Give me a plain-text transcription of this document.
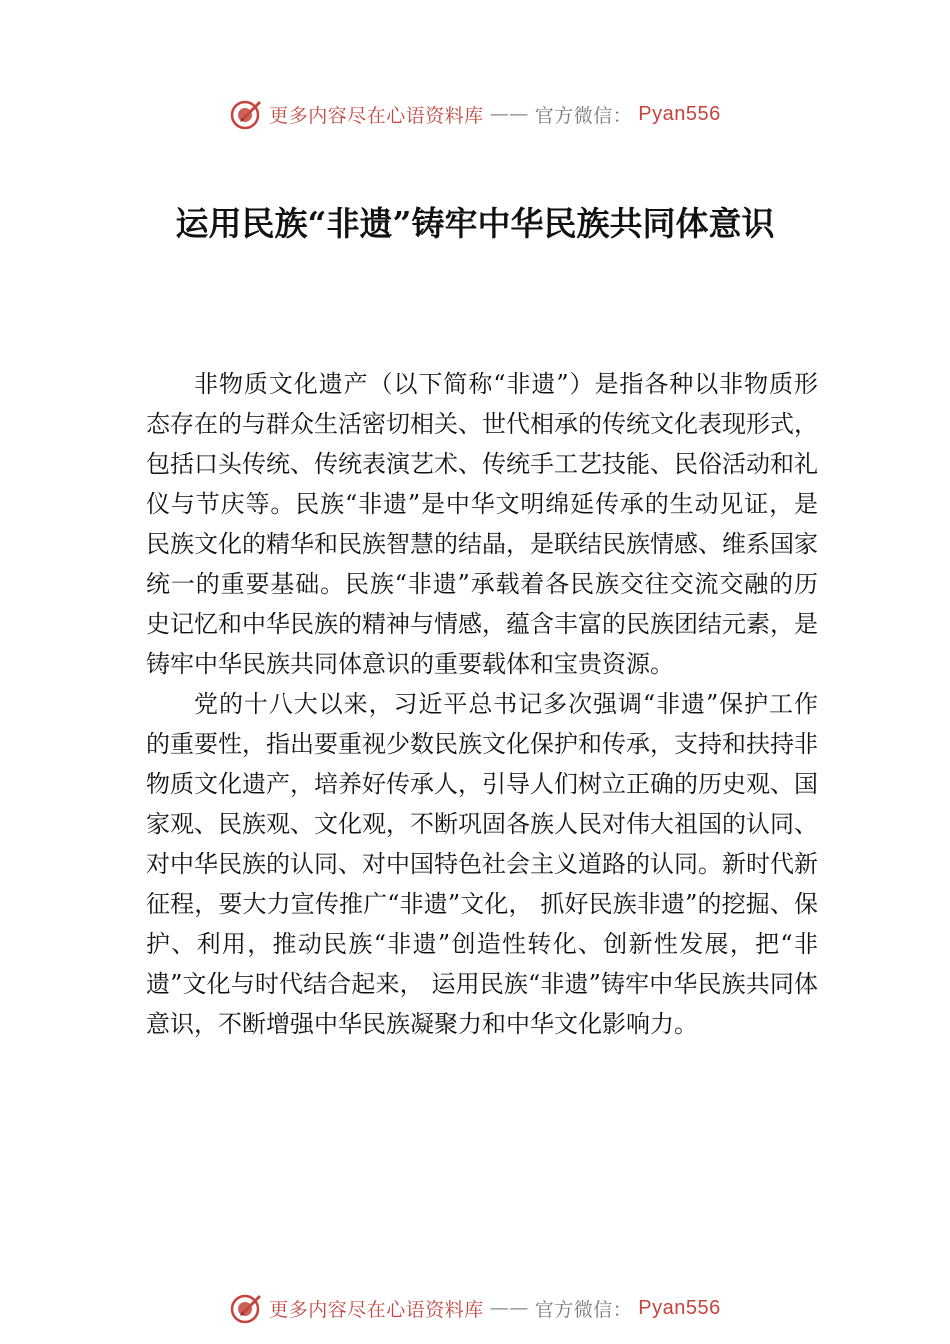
更多内容尽在心语资料库 —— 官方微信： Pyan556
运用民族“非遗”铸牢中华民族共同体意识

非物质文化遗产（以下简称“非遗”）是指各种以非物质形态存在的与群众生活密切相关、世代相承的传统文化表现形式，包括口头传统、传统表演艺术、传统手工艺技能、民俗活动和礼仪与节庆等。民族“非遗”是中华文明绵延传承的生动见证，是民族文化的精华和民族智慧的结晶，是联结民族情感、维系国家统一的重要基础。民族“非遗”承载着各民族交往交流交融的历史记忆和中华民族的精神与情感，蕴含丰富的民族团结元素，是铸牢中华民族共同体意识的重要载体和宝贵资源。

党的十八大以来，习近平总书记多次强调“非遗”保护工作的重要性，指出要重视少数民族文化保护和传承，支持和扶持非物质文化遗产，培养好传承人，引导人们树立正确的历史观、国家观、民族观、文化观，不断巩固各族人民对伟大祖国的认同、对中华民族的认同、对中国特色社会主义道路的认同。新时代新征程，要大力宣传推广“非遗”文化， 抓好民族非遗”的挖掘、保护、利用，推动民族“非遗”创造性转化、创新性发展，把“非遗”文化与时代结合起来， 运用民族“非遗”铸牢中华民族共同体意识，不断增强中华民族凝聚力和中华文化影响力。

更多内容尽在心语资料库 —— 官方微信： Pyan556
